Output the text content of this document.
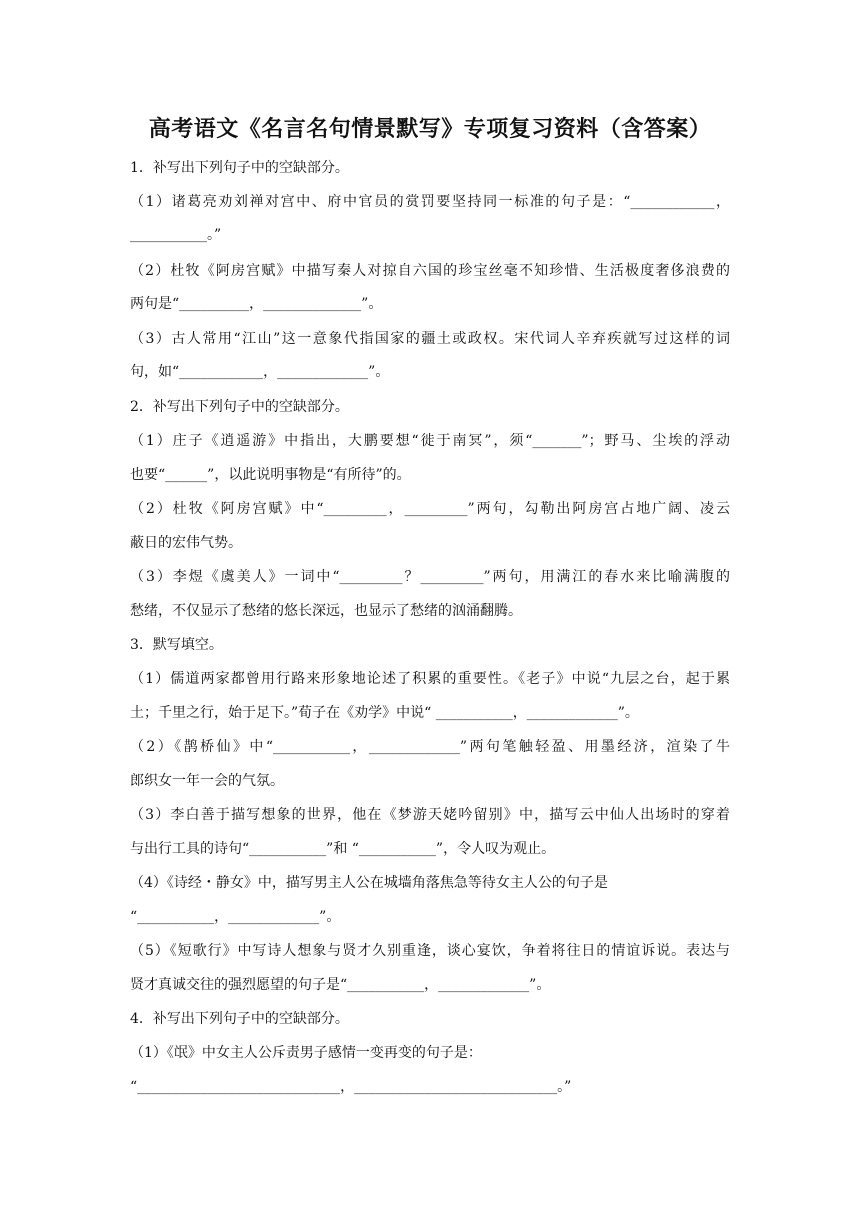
高考语文《名言名句情景默写》专项复习资料（含答案）
1．补写出下列句子中的空缺部分。
（1）诸葛亮劝刘禅对宫中、府中官员的赏罚要坚持同一标准的句子是：“____________，
___________。”
（2）杜牧《阿房宫赋》中描写秦人对掠自六国的珍宝丝毫不知珍惜、生活极度奢侈浪费的
两句是“__________，______________”。
（3）古人常用“江山”这一意象代指国家的疆土或政权。宋代词人辛弃疾就写过这样的词
句，如“____________，_____________”。
2．补写出下列句子中的空缺部分。
（1）庄子《逍遥游》中指出，大鹏要想“徙于南冥”，须“_______”；野马、尘埃的浮动
也要“______”，以此说明事物是“有所待”的。
（2）杜牧《阿房宫赋》中“_________，_________”两句，勾勒出阿房宫占地广阔、凌云
蔽日的宏伟气势。
（3）李煜《虞美人》一词中“_________？_________”两句，用满江的春水来比喻满腹的
愁绪，不仅显示了愁绪的悠长深远，也显示了愁绪的汹涌翻腾。
3．默写填空。
（1）儒道两家都曾用行路来形象地论述了积累的重要性。《老子》中说“九层之台，起于累
土；千里之行，始于足下。”荀子在《劝学》中说“ ___________，_____________”。
（2）《鹊桥仙》中“___________，_____________”两句笔触轻盈、用墨经济，渲染了牛
郎织女一年一会的气氛。
（3）李白善于描写想象的世界，他在《梦游天姥吟留别》中，描写云中仙人出场时的穿着
与出行工具的诗句“___________”和 “___________”，令人叹为观止。
（4）《诗经・静女》中，描写男主人公在城墙角落焦急等待女主人公的句子是
“___________，_____________”。
（5）《短歌行》中写诗人想象与贤才久别重逢，谈心宴饮，争着将往日的情谊诉说。表达与
贤才真诚交往的强烈愿望的句子是“___________，_____________”。
4．补写出下列句子中的空缺部分。
（1）《氓》中女主人公斥责男子感情一变再变的句子是：
“_____________________________，_____________________________。”
